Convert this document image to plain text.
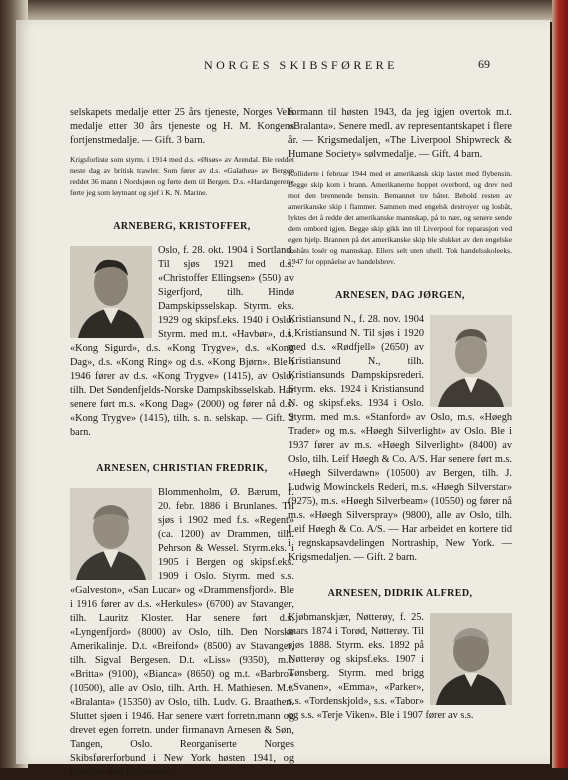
NORGES SKIBSFØRERE	69

selskapets medalje etter 25 års tjeneste, Norges Vels medalje etter 30 års tjeneste og H. M. Kongens fortjenstmedalje. — Gift. 3 barn.

Krigsforliste som styrm. i 1914 med d.s. «Øisøs» av Arendal. Ble reddet neste dag av britisk trawler. Som fører av d.s. «Galathea» av Bergen reddet 36 mann i Nordsjøen og førte dem til Bergen. D.s. «Hardangeren» førte jeg som løytnant og sjef i K. N. Marine.

ARNEBERG, KRISTOFFER,

Oslo, f. 28. okt. 1904 i Sortland. Til sjøs 1921 med d.s. «Christoffer Ellingsen» (550) av Sigerfjord, tilh. Hindø Dampskipsselskap. Styrm. eks. 1929 og skipsf.eks. 1940 i Oslo. Styrm. med m.t. «Havbør», d.s. «Kong Sigurd», d.s. «Kong Trygve», d.s. «Kong Dag», d.s. «Kong Ring» og d.s. «Kong Bjørn». Ble i 1946 fører av d.s. «Kong Trygve» (1415), av Oslo, tilh. Det Søndenfjelds-Norske Dampskibsselskab. Har senere ført m.s. «Kong Dag» (2000) og fører nå d.s. «Kong Trygve» (1415), tilh. s. n. selskap. — Gift. 2 barn.

ARNESEN, CHRISTIAN FREDRIK,

Blommenholm, Ø. Bærum, f. 20. febr. 1886 i Brunlanes. Til sjøs i 1902 med f.s. «Regent» (ca. 1200) av Drammen, tilh. Pehrson & Wessel. Styrm.eks. i 1905 i Bergen og skipsf.eks. 1909 i Oslo. Styrm. med s.s. «Galveston», «San Lucar» og «Drammensfjord». Ble i 1916 fører av d.s. «Herkules» (6700) av Stavanger, tilh. Lauritz Kloster. Har senere ført d.s. «Lyngenfjord» (8000) av Oslo, tilh. Den Norske Amerikalinje. D.t. «Breifond» (8500) av Stavanger, tilh. Sigval Bergesen. D.t. «Liss» (9350), m.t. «Britta» (9100), «Bianca» (8650) og m.t. «Barbro» (10500), alle av Oslo, tilh. Arth. H. Mathiesen. M.t. «Bralanta» (15350) av Oslo, tilh. Ludv. G. Braathen. Sluttet sjøen i 1946. Har senere vært forretn.mann og drevet egen forretn. under firmanavn Arnesen & Søn, Tangen, Oslo. Reorganiserte Norges Skibsførerforbund i New York høsten 1941, og fortsatte som forbundets

formann til høsten 1943, da jeg igjen overtok m.t. «Bralanta». Senere medl. av representantskapet i flere år. — Krigsmedaljen, «The Liverpool Shipwreck & Humane Society» sølvmedalje. — Gift. 4 barn.

Kolliderte i februar 1944 med et amerikansk skip lastet med flybensin. Begge skip kom i brann. Amerikanerne hoppet overbord, og drev ned mot den brennende bensin. Bemannet tre båter. Behold resten av amerikanske skip i flammer. Sammen med engelsk destroyer og losbåt, lyktes det å redde det amerikanske mannskap, på to nær, og senere sende dem ombord igjen. Begge skip gikk inn til Liverpool for reparasjon ved egen hjelp. Brannen på det amerikanske skip ble slukket av den engelske losbåts losér og mannskap. Ellers selt uten uhell. Tok handelsskoleeks. 1947 for oppnåelse av handelsbrev.

ARNESEN, DAG JØRGEN,

Kristiansund N., f. 28. nov. 1904 i Kristiansund N. Til sjøs i 1920 med d.s. «Rødfjell» (2650) av Kristiansund N., tilh. Kristiansunds Dampskipsrederi. Styrm. eks. 1924 i Kristiansund N. og skipsf.eks. 1934 i Oslo. Styrm. med m.s. «Stanford» av Oslo, m.s. «Høegh Trader» og m.s. «Høegh Silverlight» av Oslo. Ble i 1937 fører av m.s. «Høegh Silverlight» (8400) av Oslo, tilh. Leif Høegh & Co. A/S. Har senere ført m.s. «Høegh Silverdawn» (10500) av Bergen, tilh. J. Ludwig Mowinckels Rederi, m.s. «Høegh Silverstar» (9275), m.s. «Høegh Silverbeam» (10550) og fører nå m.s. «Høegh Silverspray» (9800), alle av Oslo, tilh. Leif Høegh & Co. A/S. — Har arbeidet en kortere tid i regnskapsavdelingen Nortraship, New York. — Krigsmedaljen. — Gift. 2 barn.

ARNESEN, DIDRIK ALFRED,

Kjøbmanskjær, Nøtterøy, f. 25. mars 1874 i Torød, Nøtterøy. Til sjøs 1888. Styrm. eks. 1892 på Nøtterøy og skipsf.eks. 1907 i Tønsberg. Styrm. med brigg «Svanen», «Emma», «Parker», s.s. «Tordenskjold», s.s. «Tabor» og s.s. «Terje Viken». Ble i 1907 fører av s.s.
